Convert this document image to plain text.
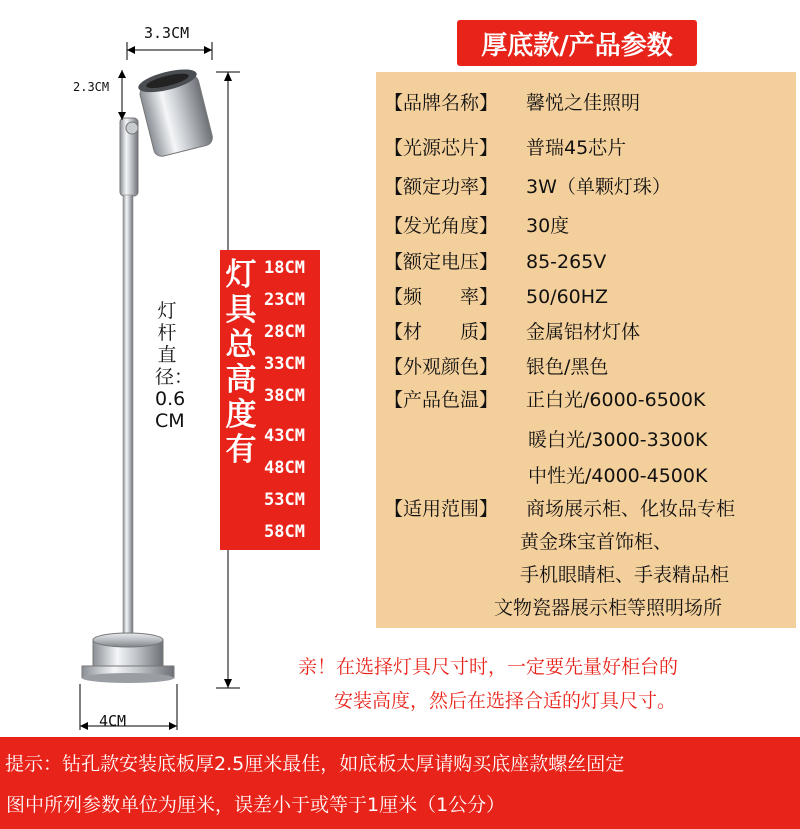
3.3CM
2.3CM
4CM
灯杆直径：0.6 CM
灯具总高度有
18CM
23CM
28CM
33CM
38CM
43CM
48CM
53CM
58CM
厚底款/产品参数
【品牌名称】 馨悦之佳照明
【光源芯片】 普瑞45芯片
【额定功率】 3W（单颗灯珠）
【发光角度】 30度
【额定电压】 85-265V
【频　　率】 50/60HZ
【材　　质】 金属铝材灯体
【外观颜色】 银色/黑色
【产品色温】 正白光/6000-6500K
暖白光/3000-3300K
中性光/4000-4500K
【适用范围】 商场展示柜、化妆品专柜
黄金珠宝首饰柜、
手机眼睛柜、手表精品柜
文物瓷器展示柜等照明场所
亲！在选择灯具尺寸时，一定要先量好柜台的
安装高度，然后在选择合适的灯具尺寸。
提示：钻孔款安装底板厚2.5厘米最佳，如底板太厚请购买底座款螺丝固定
图中所列参数单位为厘米，误差小于或等于1厘米（1公分）
